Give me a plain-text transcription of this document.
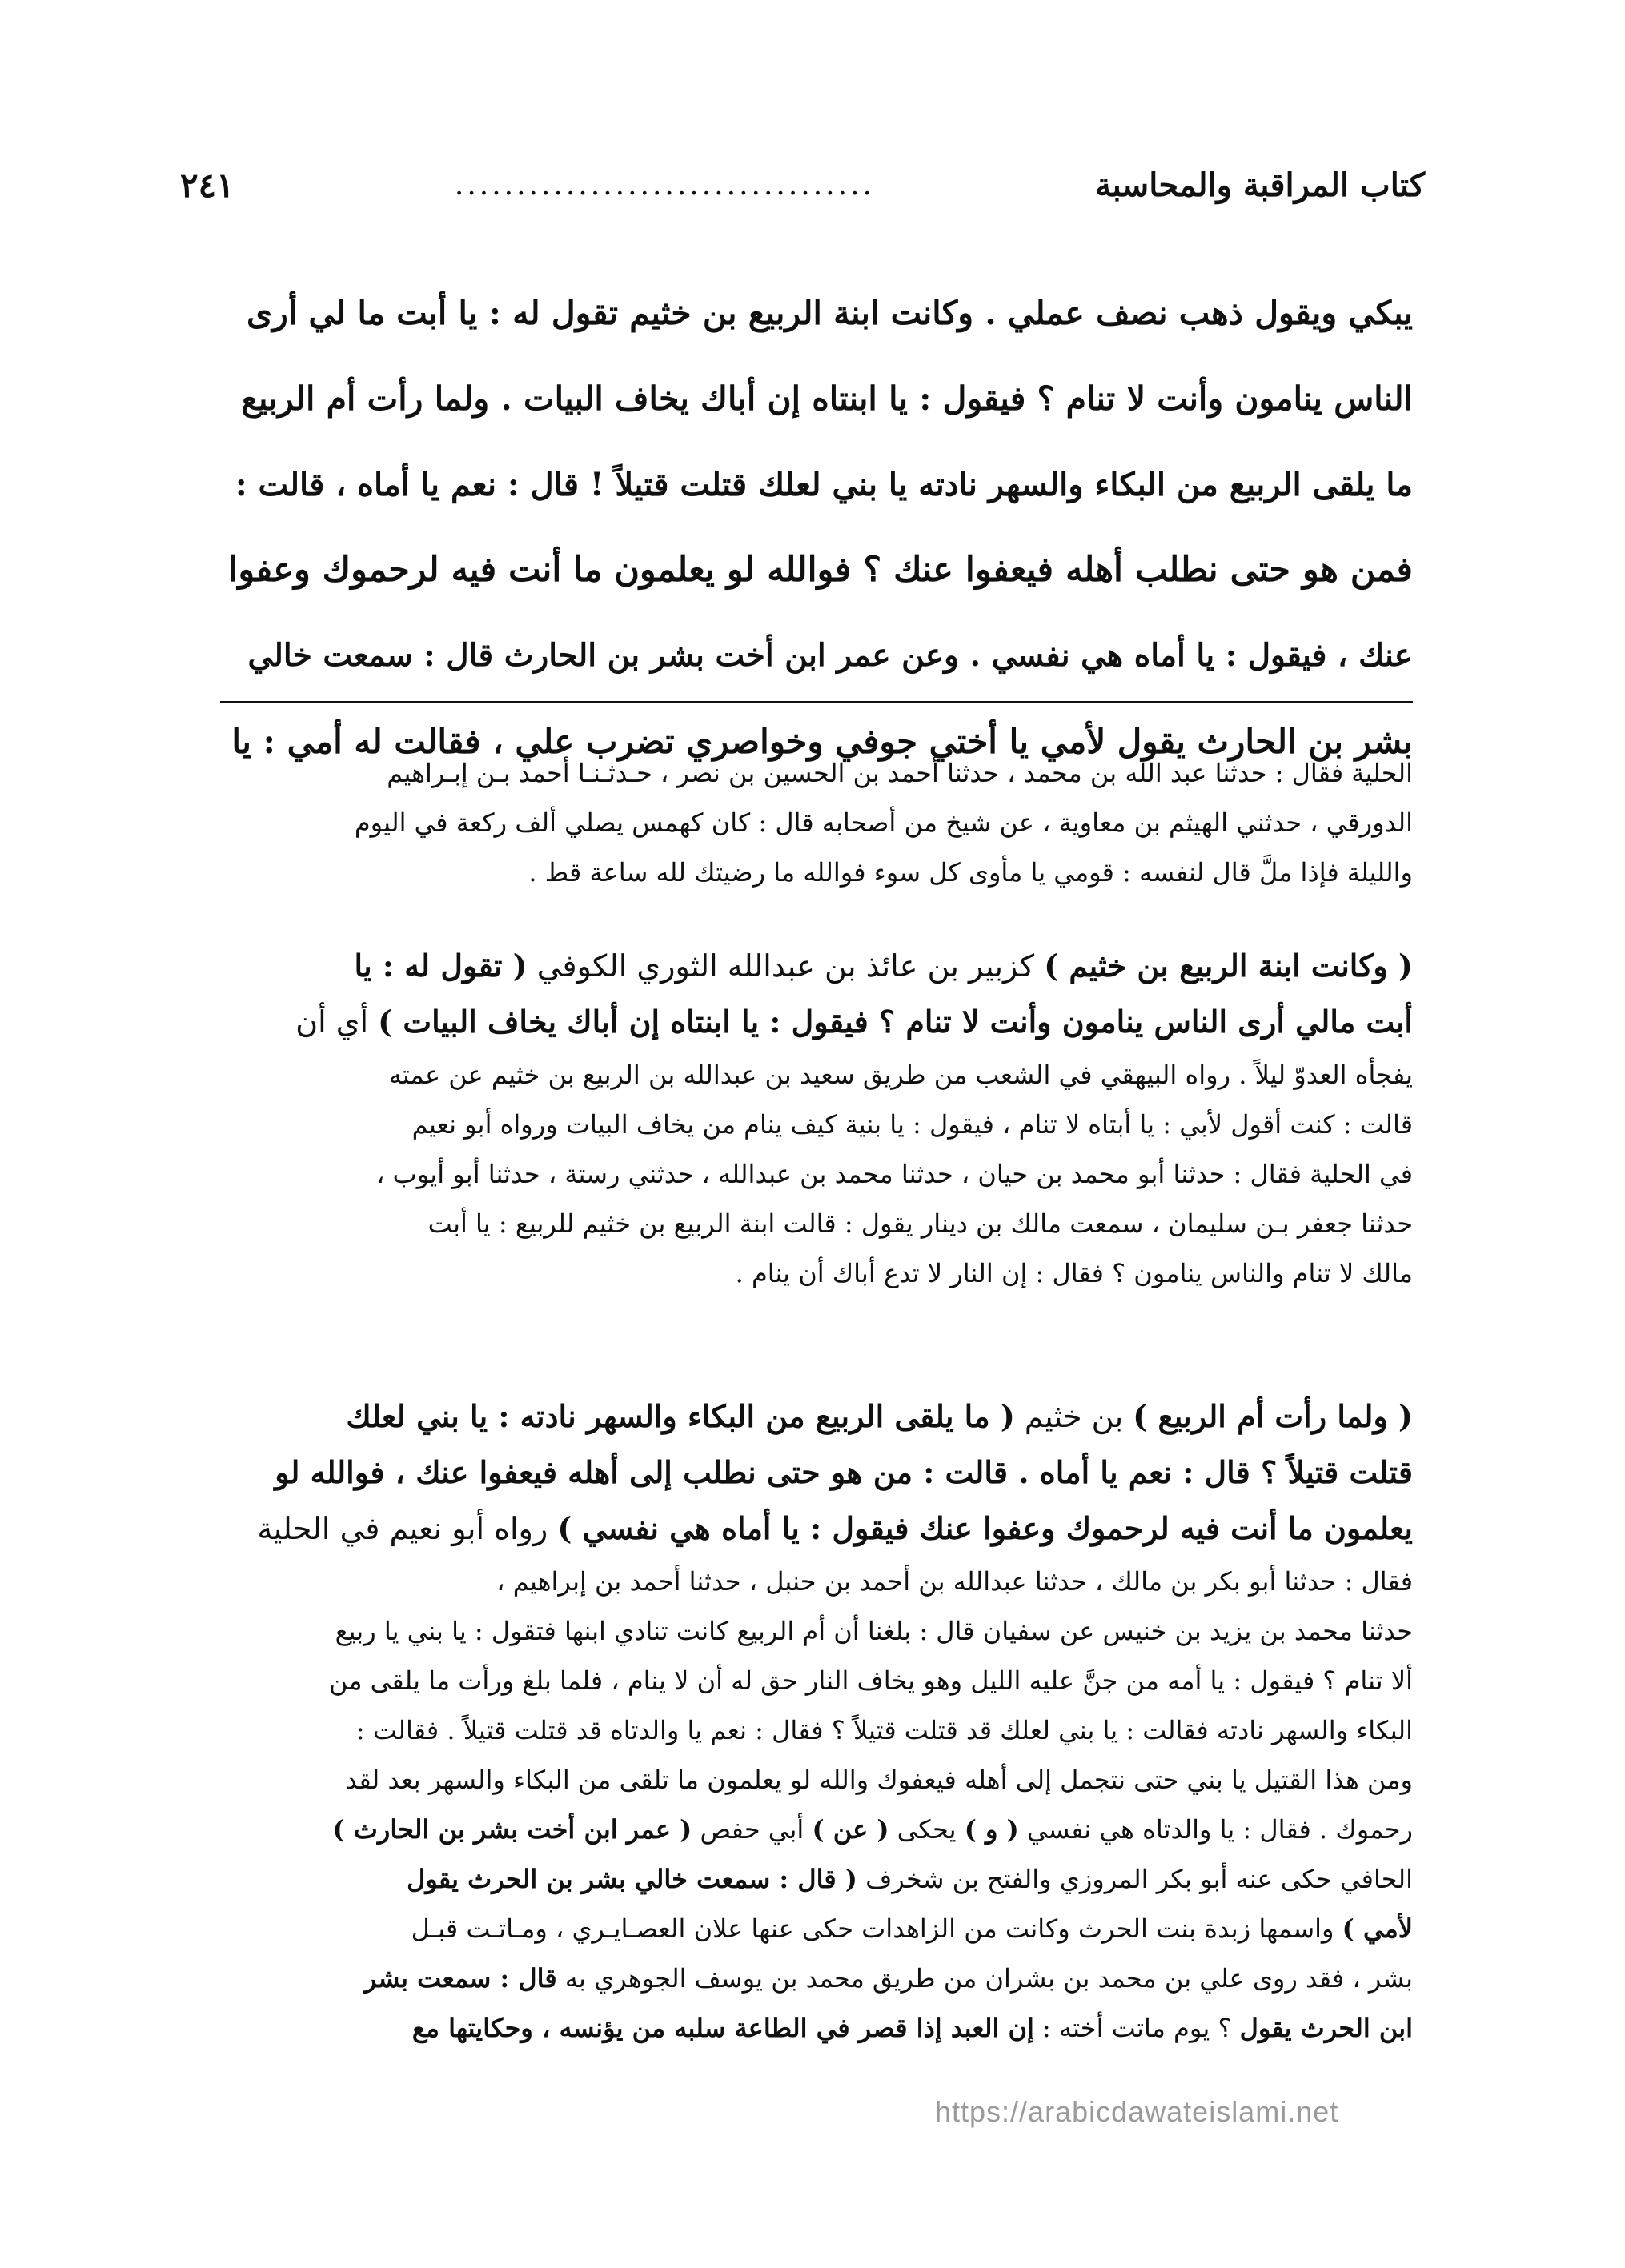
كتاب المراقبة والمحاسبة
..................................
٢٤١
يبكي ويقول ذهب نصف عملي . وكانت ابنة الربيع بن خثيم تقول له : يا أبت ما لي أرى
الناس ينامون وأنت لا تنام ؟ فيقول : يا ابنتاه إن أباك يخاف البيات . ولما رأت أم الربيع
ما يلقى الربيع من البكاء والسهر نادته يا بني لعلك قتلت قتيلاً ! قال : نعم يا أماه ، قالت :
فمن هو حتى نطلب أهله فيعفوا عنك ؟ فوالله لو يعلمون ما أنت فيه لرحموك وعفوا
عنك ، فيقول : يا أماه هي نفسي . وعن عمر ابن أخت بشر بن الحارث قال : سمعت خالي
بشر بن الحارث يقول لأمي يا أختي جوفي وخواصري تضرب علي ، فقالت له أمي : يا
الحلية فقال : حدثنا عبد الله بن محمد ، حدثنا أحمد بن الحسين بن نصر ، حـدثـنـا أحمد بـن إبـراهيم
الدورقي ، حدثني الهيثم بن معاوية ، عن شيخ من أصحابه قال : كان كهمس يصلي ألف ركعة في اليوم
والليلة فإذا ملَّ قال لنفسه : قومي يا مأوى كل سوء فوالله ما رضيتك لله ساعة قط .
( وكانت ابنة الربيع بن خثيم ) كزبير بن عائذ بن عبدالله الثوري الكوفي ( تقول له : يا
أبت مالي أرى الناس ينامون وأنت لا تنام ؟ فيقول : يا ابنتاه إن أباك يخاف البيات ) أي أن
يفجأه العدوّ ليلاً . رواه البيهقي في الشعب من طريق سعيد بن عبدالله بن الربيع بن خثيم عن عمته
قالت : كنت أقول لأبي : يا أبتاه لا تنام ، فيقول : يا بنية كيف ينام من يخاف البيات ورواه أبو نعيم
في الحلية فقال : حدثنا أبو محمد بن حيان ، حدثنا محمد بن عبدالله ، حدثني رستة ، حدثنا أبو أيوب ،
حدثنا جعفر بـن سليمان ، سمعت مالك بن دينار يقول : قالت ابنة الربيع بن خثيم للربيع : يا أبت
مالك لا تنام والناس ينامون ؟ فقال : إن النار لا تدع أباك أن ينام .
( ولما رأت أم الربيع ) بن خثيم ( ما يلقى الربيع من البكاء والسهر نادته : يا بني لعلك
قتلت قتيلاً ؟ قال : نعم يا أماه . قالت : من هو حتى نطلب إلى أهله فيعفوا عنك ، فوالله لو
يعلمون ما أنت فيه لرحموك وعفوا عنك فيقول : يا أماه هي نفسي ) رواه أبو نعيم في الحلية
فقال : حدثنا أبو بكر بن مالك ، حدثنا عبدالله بن أحمد بن حنبل ، حدثنا أحمد بن إبراهيم ،
حدثنا محمد بن يزيد بن خنيس عن سفيان قال : بلغنا أن أم الربيع كانت تنادي ابنها فتقول : يا بني يا ربيع
ألا تنام ؟ فيقول : يا أمه من جنَّ عليه الليل وهو يخاف النار حق له أن لا ينام ، فلما بلغ ورأت ما يلقى من
البكاء والسهر نادته فقالت : يا بني لعلك قد قتلت قتيلاً ؟ فقال : نعم يا والدتاه قد قتلت قتيلاً . فقالت :
ومن هذا القتيل يا بني حتى نتجمل إلى أهله فيعفوك والله لو يعلمون ما تلقى من البكاء والسهر بعد لقد
رحموك . فقال : يا والدتاه هي نفسي ( و ) يحكى ( عن ) أبي حفص ( عمر ابن أخت بشر بن الحارث )
الحافي حكى عنه أبو بكر المروزي والفتح بن شخرف ( قال : سمعت خالي بشر بن الحرث يقول
لأمي ) واسمها زبدة بنت الحرث وكانت من الزاهدات حكى عنها علان العصـايـري ، ومـاتـت قبـل
بشر ، فقد روى علي بن محمد بن بشران من طريق محمد بن يوسف الجوهري به قال : سمعت بشر
ابن الحرث يقول ؟ يوم ماتت أخته : إن العبد إذا قصر في الطاعة سلبه من يؤنسه ، وحكايتها مع
https://arabicdawateislami.net
